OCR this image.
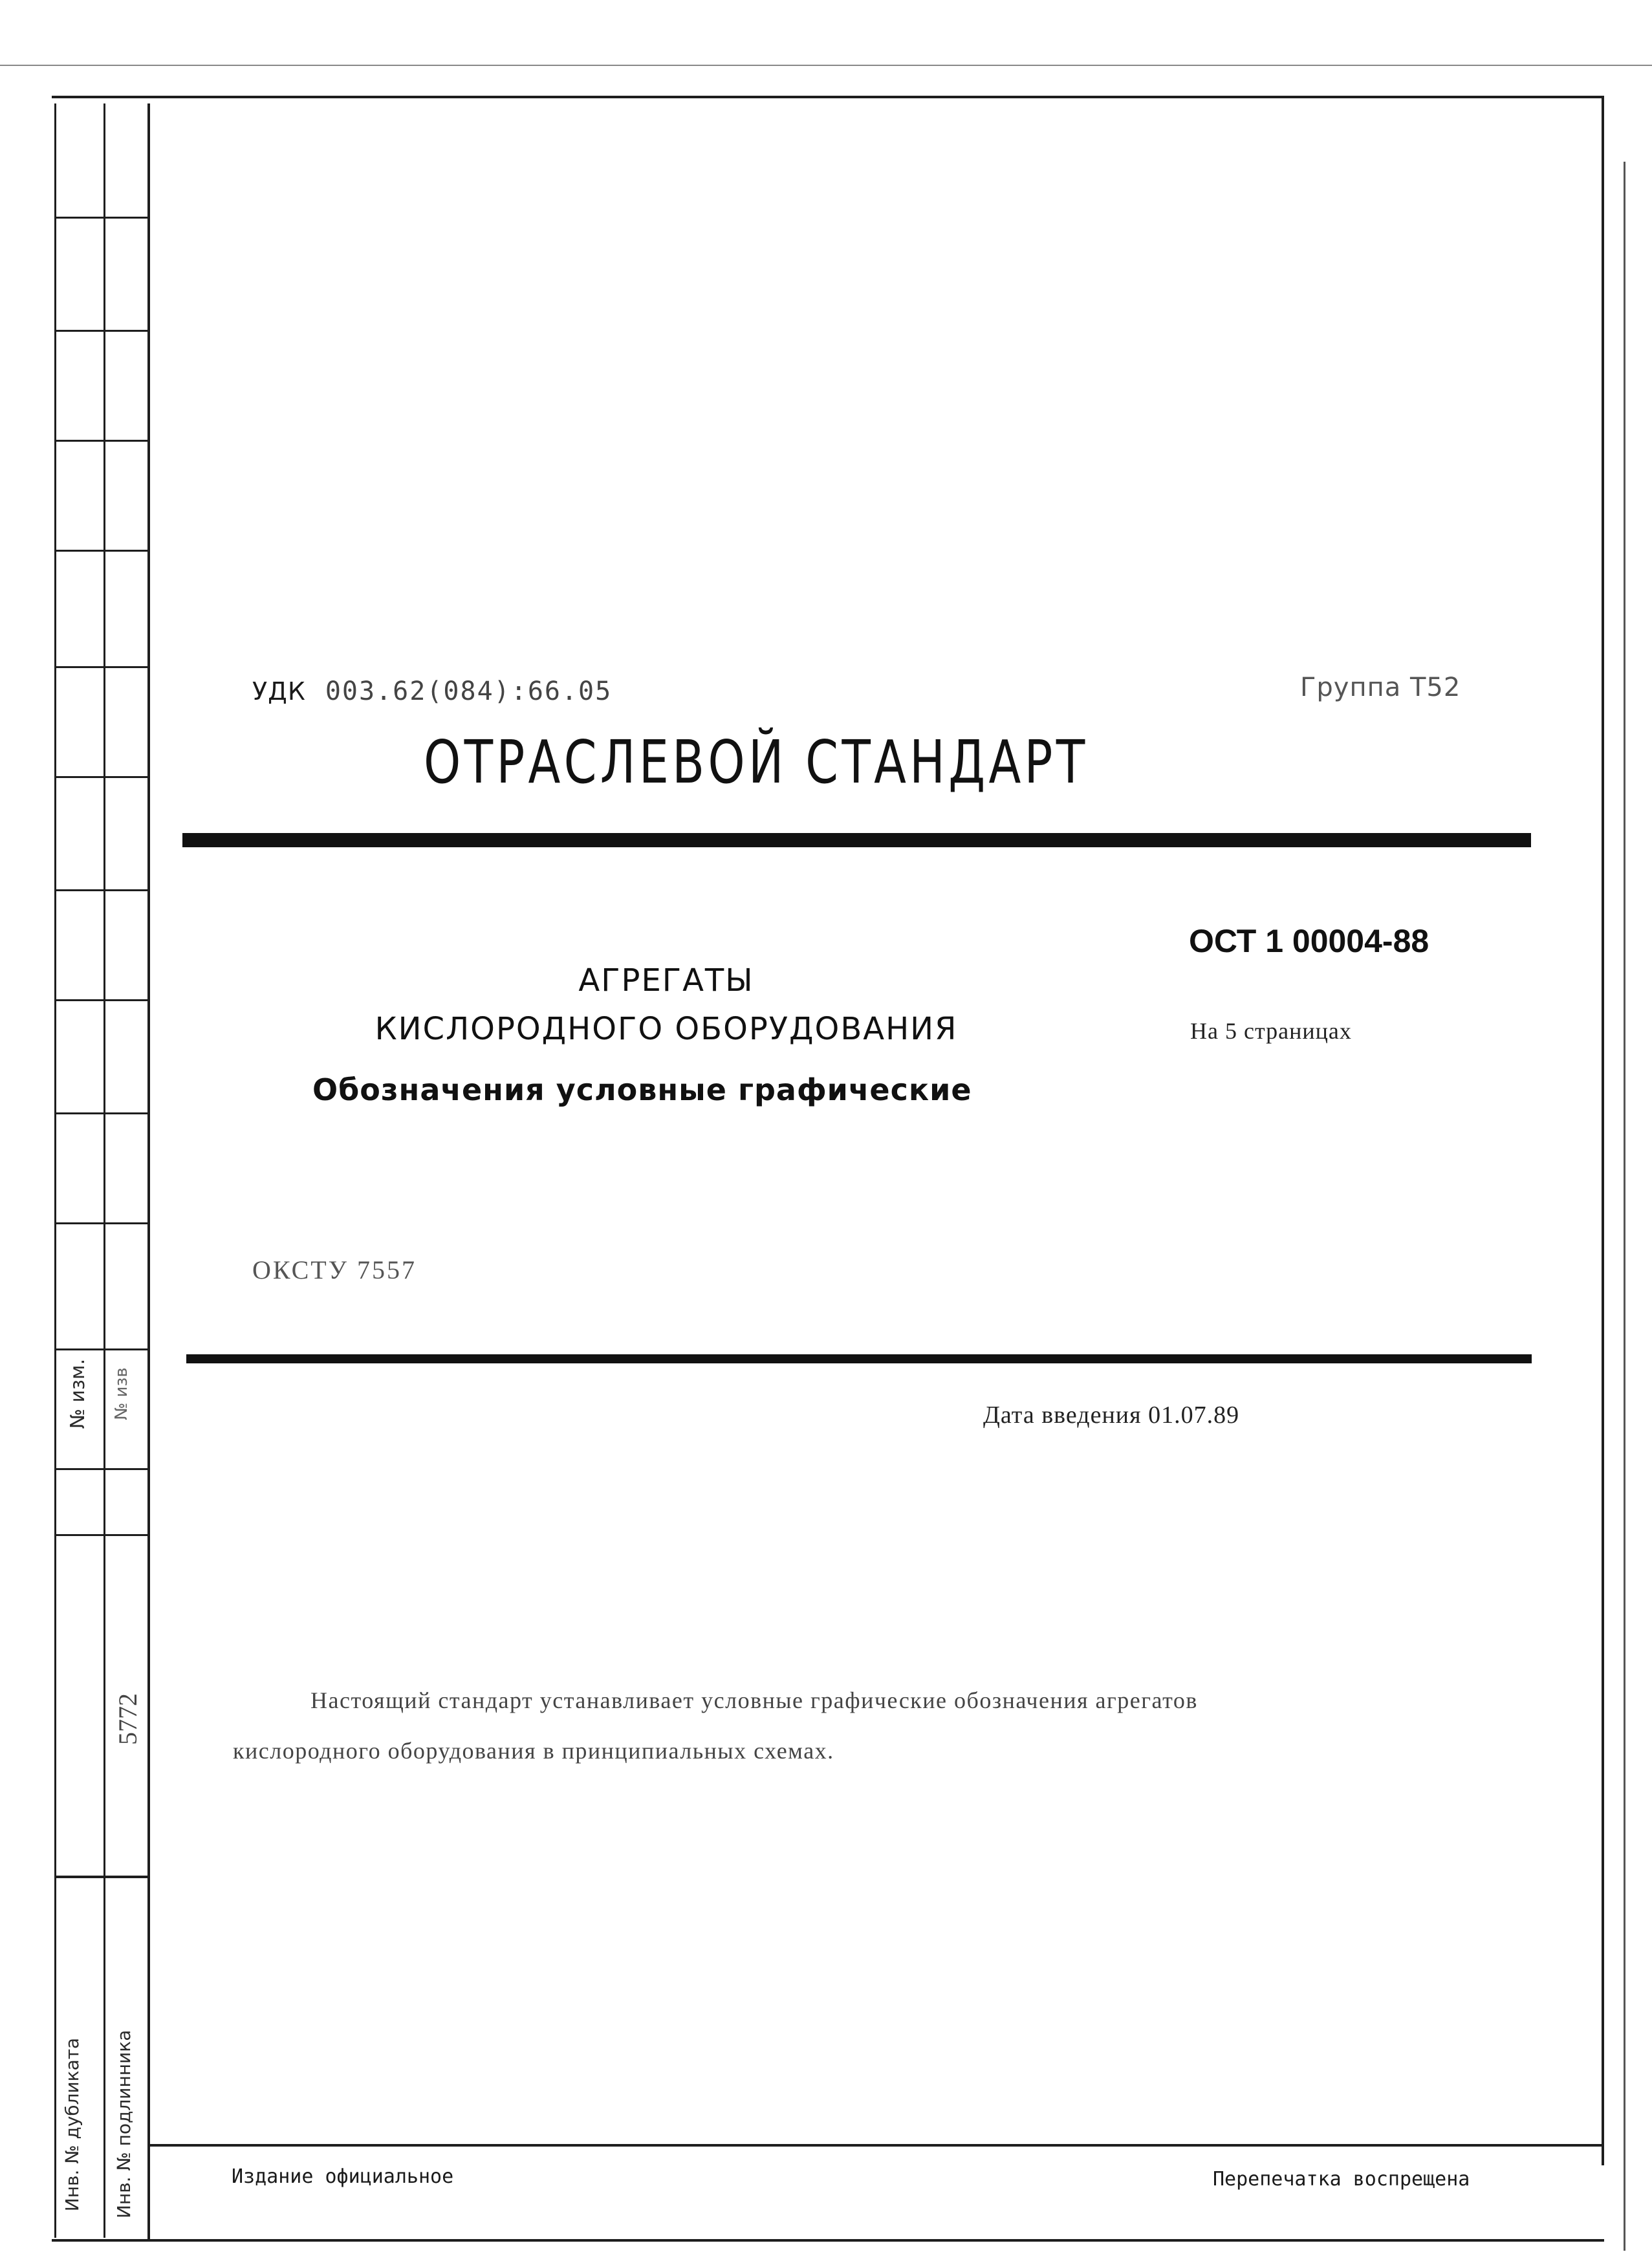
№ изм. № изв
5772
Инв. № дубликата Инв. № подлинника
УДК 003.62(084):66.05	Группа Т52
ОТРАСЛЕВОЙ СТАНДАРТ
ОСТ 1 00004-88
АГРЕГАТЫ
КИСЛОРОДНОГО ОБОРУДОВАНИЯ	На 5 страницах
Обозначения условные графические
ОКСТУ 7557
Дата введения 01.07.89
Настоящий стандарт устанавливает условные графические обозначения агрегатов
кислородного оборудования в принципиальных схемах.
Издание официальное	Перепечатка воспрещена
